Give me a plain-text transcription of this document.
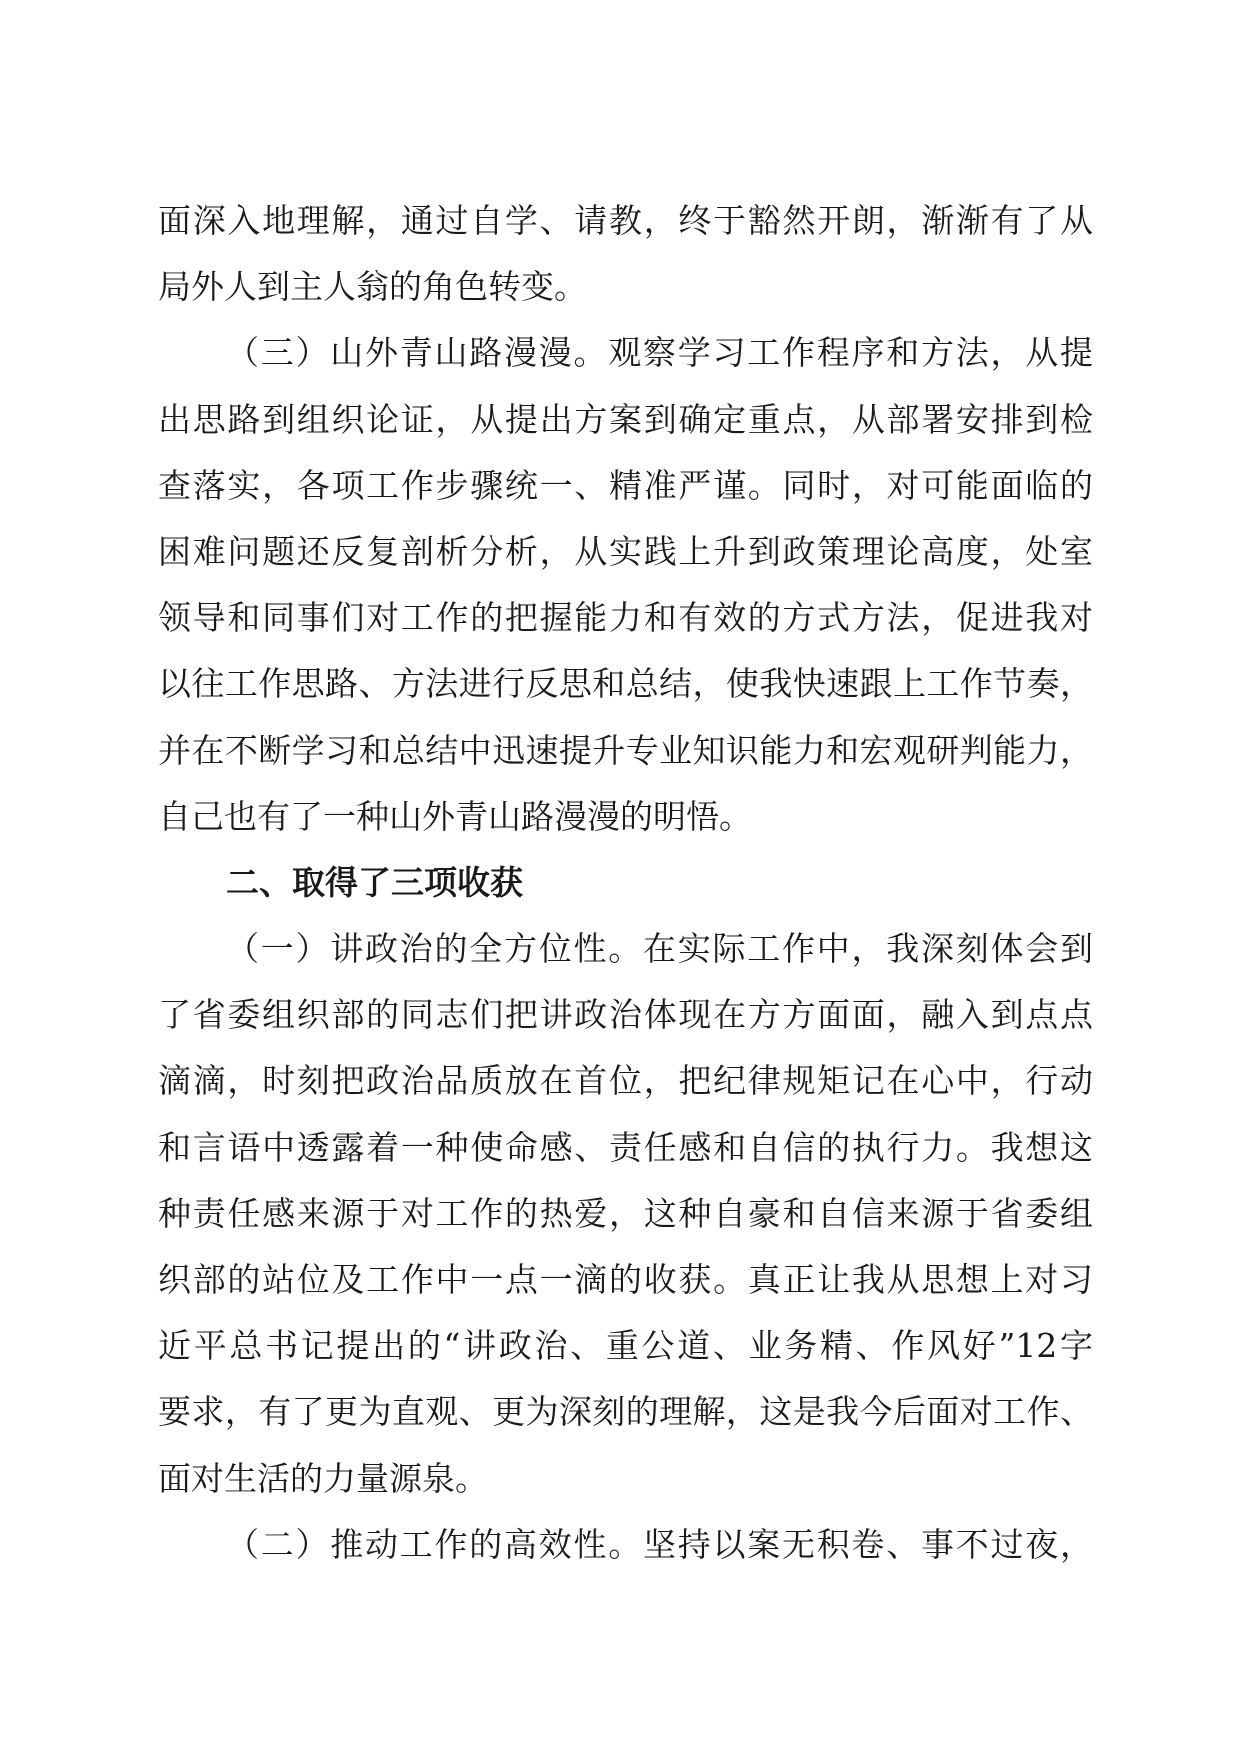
面深入地理解，通过自学、请教，终于豁然开朗，渐渐有了从
局外人到主人翁的角色转变。
（三）山外青山路漫漫。观察学习工作程序和方法，从提
出思路到组织论证，从提出方案到确定重点，从部署安排到检
查落实，各项工作步骤统一、精准严谨。同时，对可能面临的
困难问题还反复剖析分析，从实践上升到政策理论高度，处室
领导和同事们对工作的把握能力和有效的方式方法，促进我对
以往工作思路、方法进行反思和总结，使我快速跟上工作节奏，
并在不断学习和总结中迅速提升专业知识能力和宏观研判能力，
自己也有了一种山外青山路漫漫的明悟。
二、取得了三项收获
（一）讲政治的全方位性。在实际工作中，我深刻体会到
了省委组织部的同志们把讲政治体现在方方面面，融入到点点
滴滴，时刻把政治品质放在首位，把纪律规矩记在心中，行动
和言语中透露着一种使命感、责任感和自信的执行力。我想这
种责任感来源于对工作的热爱，这种自豪和自信来源于省委组
织部的站位及工作中一点一滴的收获。真正让我从思想上对习
近平总书记提出的“讲政治、重公道、业务精、作风好”12字
要求，有了更为直观、更为深刻的理解，这是我今后面对工作、
面对生活的力量源泉。
（二）推动工作的高效性。坚持以案无积卷、事不过夜，
